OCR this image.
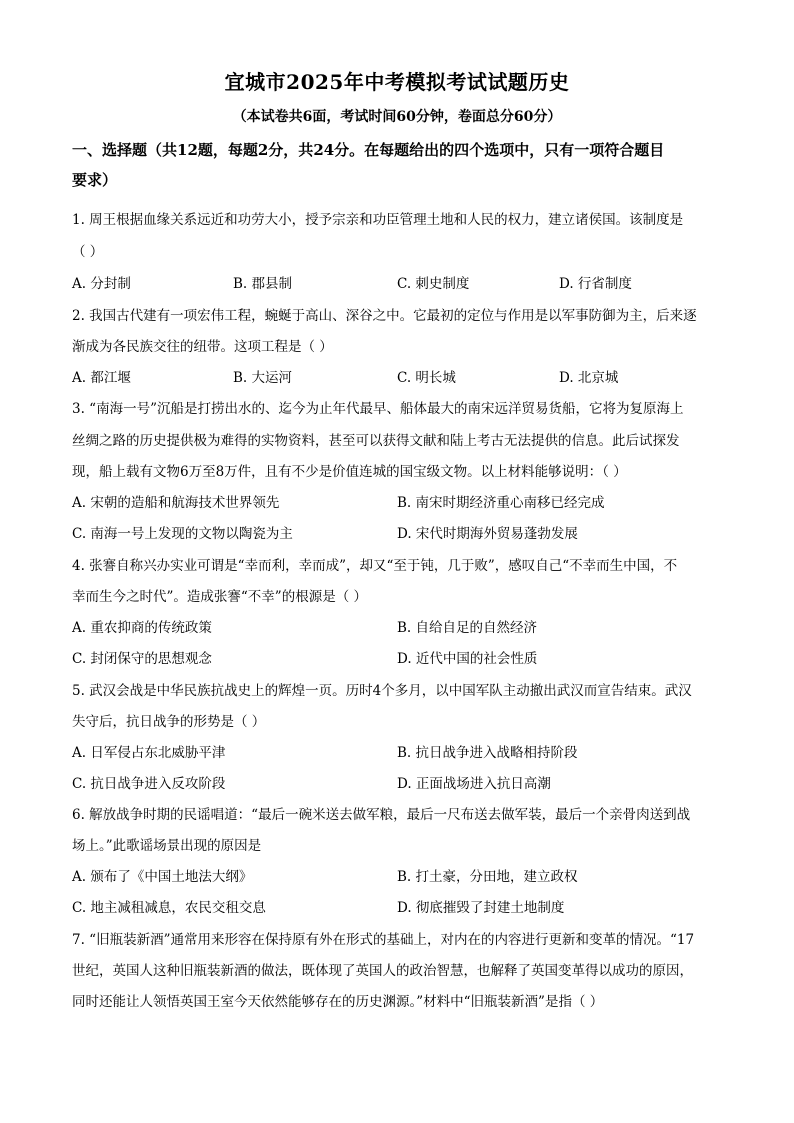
宜城市2025年中考模拟考试试题历史
（本试卷共6面，考试时间60分钟，卷面总分60分）
一、选择题（共12题，每题2分，共24分。在每题给出的四个选项中，只有一项符合题目
要求）
1. 周王根据血缘关系远近和功劳大小，授予宗亲和功臣管理土地和人民的权力，建立诸侯国。该制度是
（ ）
A. 分封制	B. 郡县制	C. 刺史制度	D. 行省制度
2. 我国古代建有一项宏伟工程，蜿蜒于高山、深谷之中。它最初的定位与作用是以军事防御为主，后来逐
渐成为各民族交往的纽带。这项工程是（ ）
A. 都江堰	B. 大运河	C. 明长城	D. 北京城
3. “南海一号”沉船是打捞出水的、迄今为止年代最早、船体最大的南宋远洋贸易货船，它将为复原海上
丝绸之路的历史提供极为难得的实物资料，甚至可以获得文献和陆上考古无法提供的信息。此后试探发
现，船上载有文物6万至8万件，且有不少是价值连城的国宝级文物。以上材料能够说明：（ ）
A. 宋朝的造船和航海技术世界领先	B. 南宋时期经济重心南移已经完成
C. 南海一号上发现的文物以陶瓷为主	D. 宋代时期海外贸易蓬勃发展
4. 张謇自称兴办实业可谓是“幸而利，幸而成”，却又“至于钝，几于败”，感叹自己“不幸而生中国，不
幸而生今之时代”。造成张謇“不幸”的根源是（ ）
A. 重农抑商的传统政策	B. 自给自足的自然经济
C. 封闭保守的思想观念	D. 近代中国的社会性质
5. 武汉会战是中华民族抗战史上的辉煌一页。历时4个多月，以中国军队主动撤出武汉而宣告结束。武汉
失守后，抗日战争的形势是（ ）
A. 日军侵占东北威胁平津	B. 抗日战争进入战略相持阶段
C. 抗日战争进入反攻阶段	D. 正面战场进入抗日高潮
6. 解放战争时期的民谣唱道：“最后一碗米送去做军粮，最后一尺布送去做军装，最后一个亲骨肉送到战
场上。”此歌谣场景出现的原因是
A. 颁布了《中国土地法大纲》	B. 打土豪，分田地，建立政权
C. 地主减租减息，农民交租交息	D. 彻底摧毁了封建土地制度
7. “旧瓶装新酒”通常用来形容在保持原有外在形式的基础上，对内在的内容进行更新和变革的情况。“17
世纪，英国人这种旧瓶装新酒的做法，既体现了英国人的政治智慧，也解释了英国变革得以成功的原因，
同时还能让人领悟英国王室今天依然能够存在的历史渊源。”材料中“旧瓶装新酒”是指（ ）
